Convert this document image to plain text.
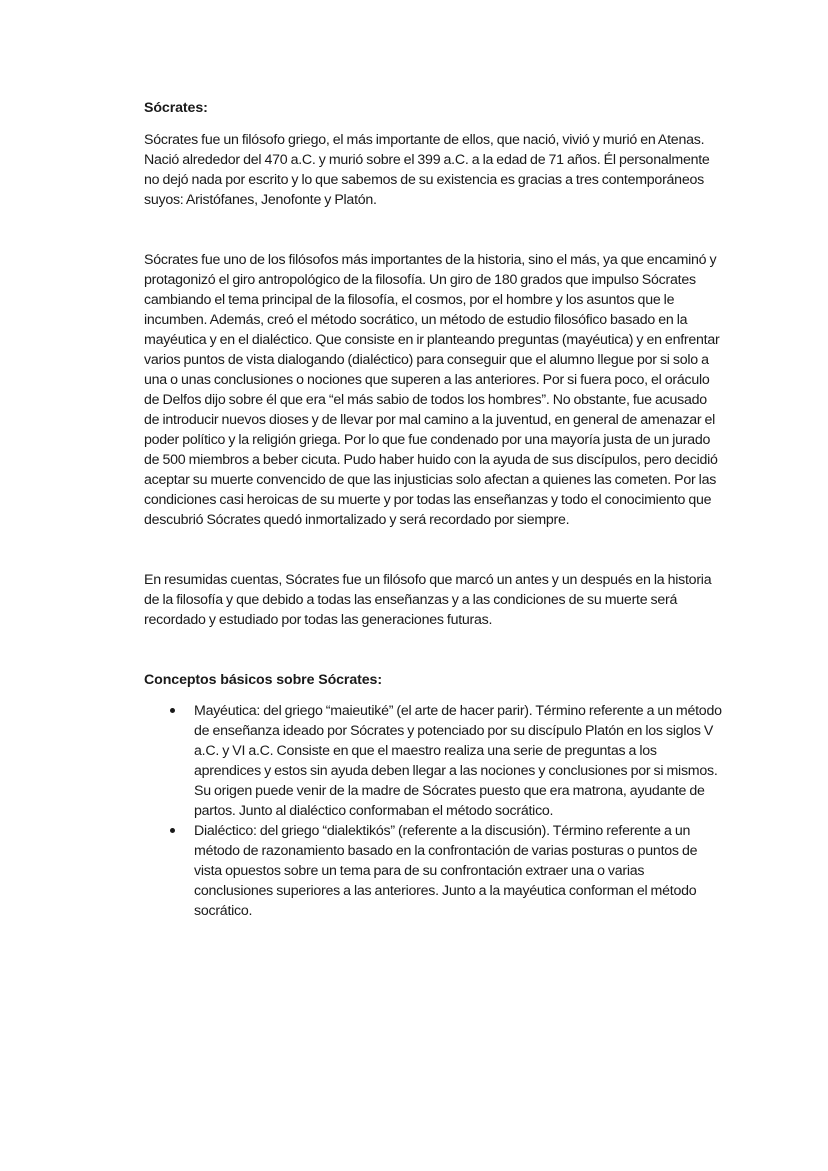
Sócrates:

Sócrates fue un filósofo griego, el más importante de ellos, que nació, vivió y murió en Atenas. Nació alrededor del 470 a.C. y murió sobre el 399 a.C. a la edad de 71 años. Él personalmente no dejó nada por escrito y lo que sabemos de su existencia es gracias a tres contemporáneos suyos: Aristófanes, Jenofonte y Platón.

Sócrates fue uno de los filósofos más importantes de la historia, sino el más, ya que encaminó y protagonizó el giro antropológico de la filosofía. Un giro de 180 grados que impulso Sócrates cambiando el tema principal de la filosofía, el cosmos, por el hombre y los asuntos que le incumben. Además, creó el método socrático, un método de estudio filosófico basado en la mayéutica y en el dialéctico. Que consiste en ir planteando preguntas (mayéutica) y en enfrentar varios puntos de vista dialogando (dialéctico) para conseguir que el alumno llegue por si solo a una o unas conclusiones o nociones que superen a las anteriores. Por si fuera poco, el oráculo de Delfos dijo sobre él que era “el más sabio de todos los hombres”. No obstante, fue acusado de introducir nuevos dioses y de llevar por mal camino a la juventud, en general de amenazar el poder político y la religión griega. Por lo que fue condenado por una mayoría justa de un jurado de 500 miembros a beber cicuta. Pudo haber huido con la ayuda de sus discípulos, pero decidió aceptar su muerte convencido de que las injusticias solo afectan a quienes las cometen. Por las condiciones casi heroicas de su muerte y por todas las enseñanzas y todo el conocimiento que descubrió Sócrates quedó inmortalizado y será recordado por siempre.

En resumidas cuentas, Sócrates fue un filósofo que marcó un antes y un después en la historia de la filosofía y que debido a todas las enseñanzas y a las condiciones de su muerte será recordado y estudiado por todas las generaciones futuras.

Conceptos básicos sobre Sócrates:
Mayéutica: del griego “maieutiké” (el arte de hacer parir). Término referente a un método de enseñanza ideado por Sócrates y potenciado por su discípulo Platón en los siglos V a.C. y VI a.C. Consiste en que el maestro realiza una serie de preguntas a los aprendices y estos sin ayuda deben llegar a las nociones y conclusiones por si mismos. Su origen puede venir de la madre de Sócrates puesto que era matrona, ayudante de partos. Junto al dialéctico conformaban el método socrático.
Dialéctico: del griego “dialektikós” (referente a la discusión). Término referente a un método de razonamiento basado en la confrontación de varias posturas o puntos de vista opuestos sobre un tema para de su confrontación extraer una o varias conclusiones superiores a las anteriores. Junto a la mayéutica conforman el método socrático.
